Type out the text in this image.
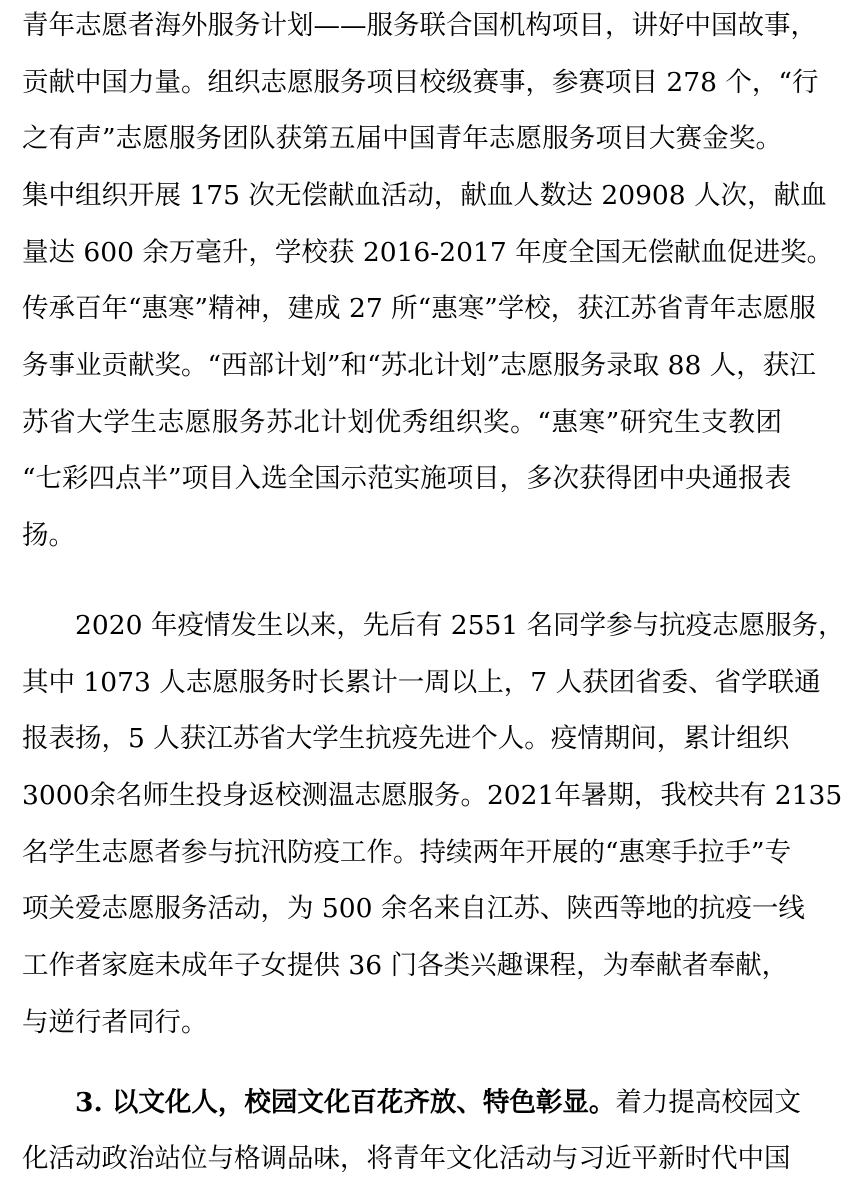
青年志愿者海外服务计划——服务联合国机构项目，讲好中国故事，
贡献中国力量。组织志愿服务项目校级赛事，参赛项目 278 个，“行
之有声”志愿服务团队获第五届中国青年志愿服务项目大赛金奖。
集中组织开展 175 次无偿献血活动，献血人数达 20908 人次，献血
量达 600 余万毫升，学校获 2016-2017 年度全国无偿献血促进奖。
传承百年“惠寒”精神，建成 27 所“惠寒”学校，获江苏省青年志愿服
务事业贡献奖。“西部计划”和“苏北计划”志愿服务录取 88 人，获江
苏省大学生志愿服务苏北计划优秀组织奖。“惠寒”研究生支教团
“七彩四点半”项目入选全国示范实施项目，多次获得团中央通报表
扬。
2020 年疫情发生以来，先后有 2551 名同学参与抗疫志愿服务，
其中 1073 人志愿服务时长累计一周以上，7 人获团省委、省学联通
报表扬，5 人获江苏省大学生抗疫先进个人。疫情期间，累计组织
3000余名师生投身返校测温志愿服务。2021年暑期，我校共有 2135
名学生志愿者参与抗汛防疫工作。持续两年开展的“惠寒手拉手”专
项关爱志愿服务活动，为 500 余名来自江苏、陕西等地的抗疫一线
工作者家庭未成年子女提供 36 门各类兴趣课程，为奉献者奉献，
与逆行者同行。
3. 以文化人，校园文化百花齐放、特色彰显。着力提高校园文
化活动政治站位与格调品味，将青年文化活动与习近平新时代中国
